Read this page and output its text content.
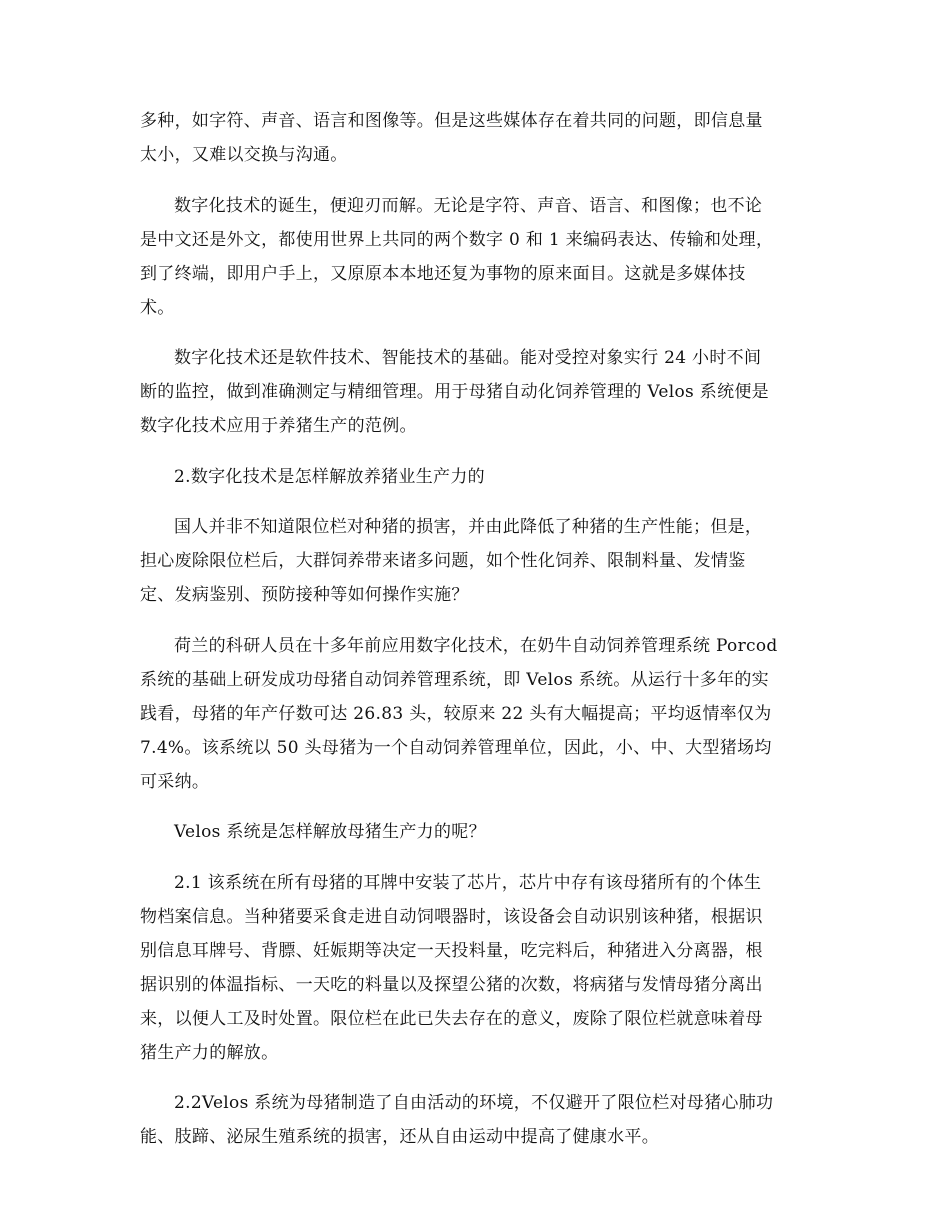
多种，如字符、声音、语言和图像等。但是这些媒体存在着共同的问题，即信息量
太小，又难以交换与沟通。

数字化技术的诞生，便迎刃而解。无论是字符、声音、语言、和图像；也不论
是中文还是外文，都使用世界上共同的两个数字 0 和 1 来编码表达、传输和处理，
到了终端，即用户手上，又原原本本地还复为事物的原来面目。这就是多媒体技
术。

数字化技术还是软件技术、智能技术的基础。能对受控对象实行 24 小时不间
断的监控，做到准确测定与精细管理。用于母猪自动化饲养管理的 Velos 系统便是
数字化技术应用于养猪生产的范例。

2.数字化技术是怎样解放养猪业生产力的

国人并非不知道限位栏对种猪的损害，并由此降低了种猪的生产性能；但是，
担心废除限位栏后，大群饲养带来诸多问题，如个性化饲养、限制料量、发情鉴
定、发病鉴别、预防接种等如何操作实施？

荷兰的科研人员在十多年前应用数字化技术，在奶牛自动饲养管理系统 Porcod
系统的基础上研发成功母猪自动饲养管理系统，即 Velos 系统。从运行十多年的实
践看，母猪的年产仔数可达 26.83 头，较原来 22 头有大幅提高；平均返情率仅为
7.4%。该系统以 50 头母猪为一个自动饲养管理单位，因此，小、中、大型猪场均
可采纳。

Velos 系统是怎样解放母猪生产力的呢？

2.1 该系统在所有母猪的耳牌中安装了芯片，芯片中存有该母猪所有的个体生
物档案信息。当种猪要采食走进自动饲喂器时，该设备会自动识别该种猪，根据识
别信息耳牌号、背膘、妊娠期等决定一天投料量，吃完料后，种猪进入分离器，根
据识别的体温指标、一天吃的料量以及探望公猪的次数，将病猪与发情母猪分离出
来，以便人工及时处置。限位栏在此已失去存在的意义，废除了限位栏就意味着母
猪生产力的解放。

2.2Velos 系统为母猪制造了自由活动的环境，不仅避开了限位栏对母猪心肺功
能、肢蹄、泌尿生殖系统的损害，还从自由运动中提高了健康水平。
